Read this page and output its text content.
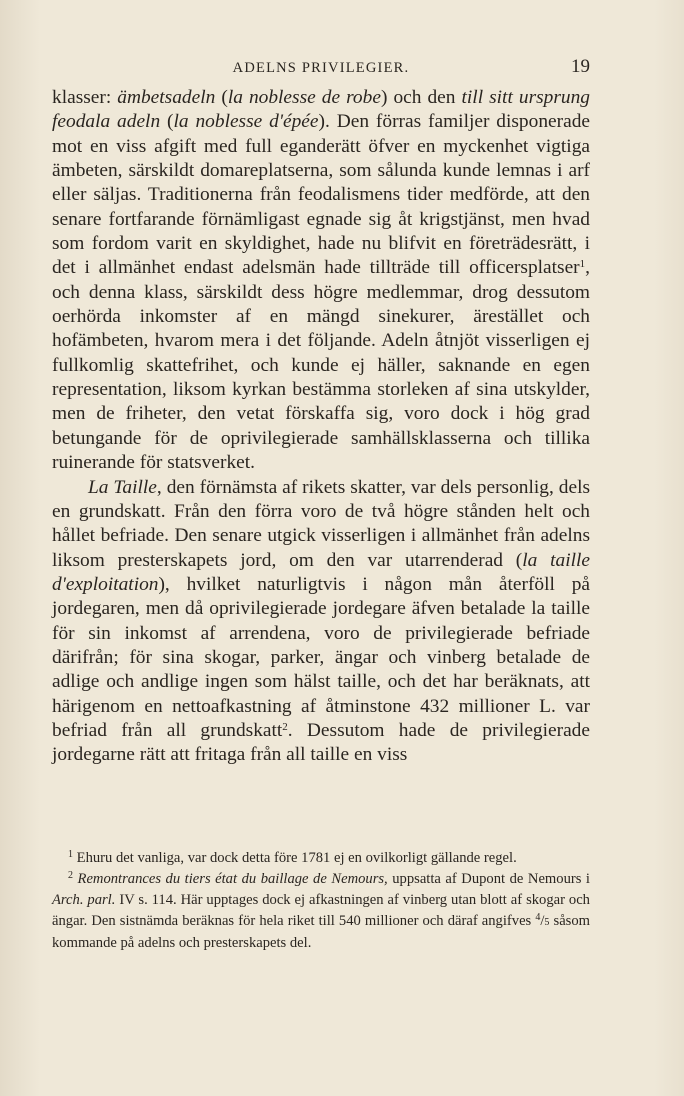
ADELNS PRIVILEGIER.	19

klasser: ämbetsadeln (la noblesse de robe) och den till sitt ursprung feodala adeln (la noblesse d'épée). Den förras familjer disponerade mot en viss afgift med full eganderätt öfver en myckenhet vigtiga ämbeten, särskildt domareplatserna, som sålunda kunde lemnas i arf eller säljas. Traditionerna från feodalismens tider medförde, att den senare fortfarande förnämligast egnade sig åt krigstjänst, men hvad som fordom varit en skyldighet, hade nu blifvit en företrädesrätt, i det i allmänhet endast adelsmän hade tillträde till officersplatser$^1$, och denna klass, särskildt dess högre medlemmar, drog dessutom oerhörda inkomster af en mängd sinekurer, ärestället och hofämbeten, hvarom mera i det följande. Adeln åtnjöt visserligen ej fullkomlig skattefrihet, och kunde ej häller, saknande en egen representation, liksom kyrkan bestämma storleken af sina utskylder, men de friheter, den vetat förskaffa sig, voro dock i hög grad betungande för de oprivilegierade samhällsklasserna och tillika ruinerande för statsverket.

La Taille, den förnämsta af rikets skatter, var dels personlig, dels en grundskatt. Från den förra voro de två högre stånden helt och hållet befriade. Den senare utgick visserligen i allmänhet från adelns liksom presterskapets jord, om den var utarrenderad (la taille d'exploitation), hvilket naturligtvis i någon mån återföll på jordegaren, men då oprivilegierade jordegare äfven betalade la taille för sin inkomst af arrendena, voro de privilegierade befriade därifrån; för sina skogar, parker, ängar och vinberg betalade de adlige och andlige ingen som hälst taille, och det har beräknats, att härigenom en nettoafkastning af åtminstone 432 millioner L. var befriad från all grundskatt$^2$. Dessutom hade de privilegierade jordegarne rätt att fritaga från all taille en viss

$^1$ Ehuru det vanliga, var dock detta före 1781 ej en ovilkorligt gällande regel.

$^2$ Remontrances du tiers état du baillage de Nemours, uppsatta af Dupont de Nemours i Arch. parl. IV s. 114. Här upptages dock ej afkastningen af vinberg utan blott af skogar och ängar. Den sistnämda beräknas för hela riket till 540 millioner och däraf angifves $^4$/5 såsom kommande på adelns och presterskapets del.
